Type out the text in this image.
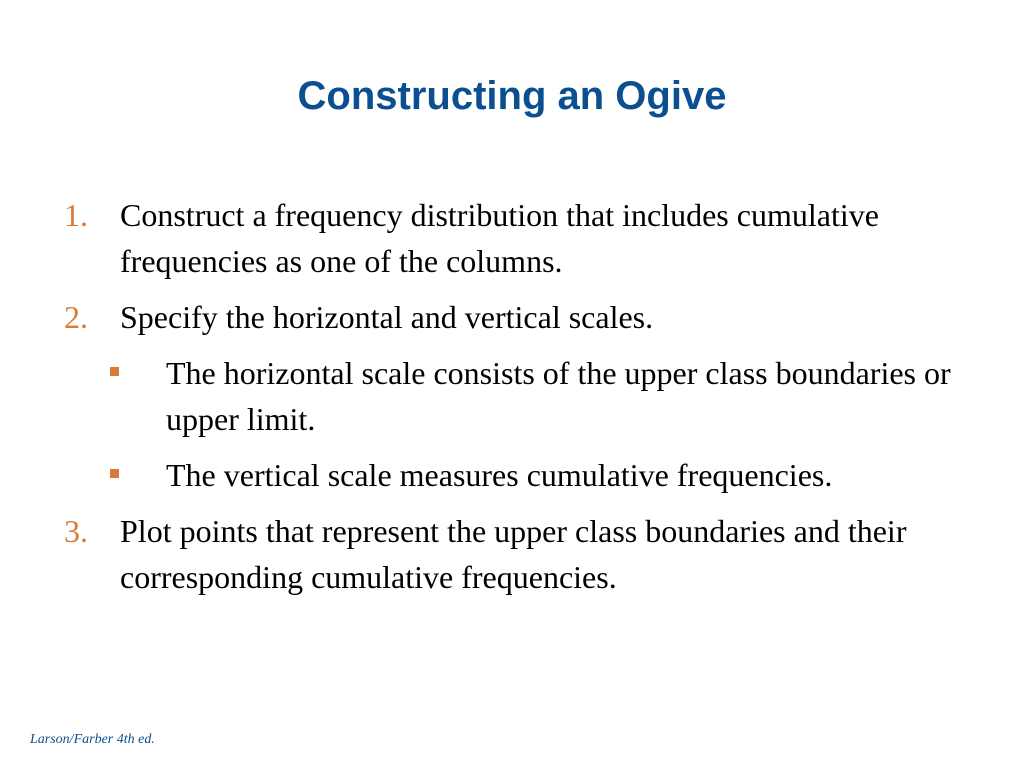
Constructing an Ogive
1. Construct a frequency distribution that includes cumulative frequencies as one of the columns.
2. Specify the horizontal and vertical scales.
The horizontal scale consists of the upper class boundaries or upper limit.
The vertical scale measures cumulative frequencies.
3. Plot points that represent the upper class boundaries and their corresponding cumulative frequencies.
Larson/Farber 4th ed.
